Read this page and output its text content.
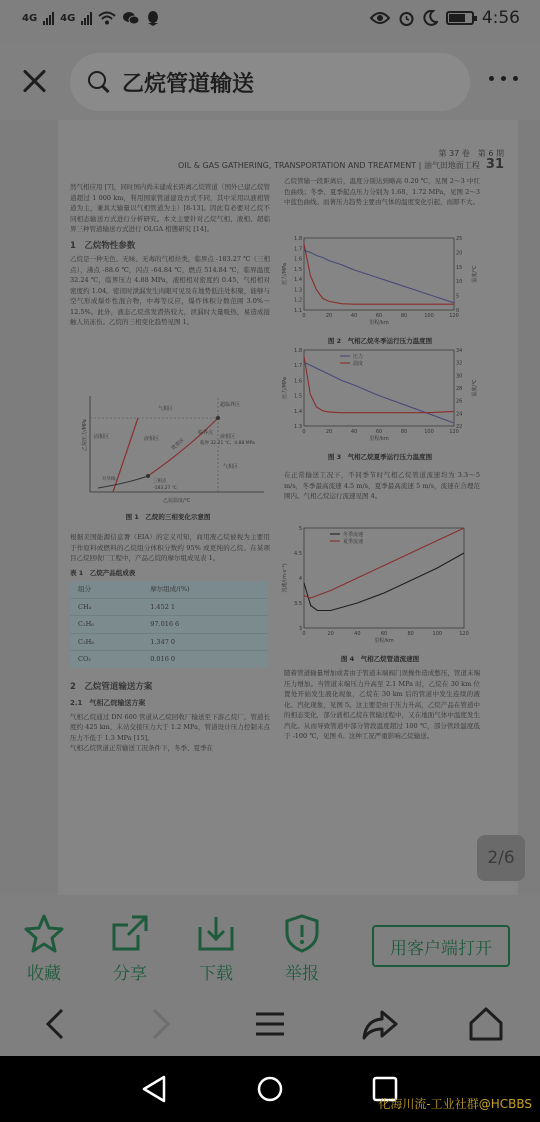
4G 4G	4:56
乙烷管道输送
第 37 卷　第 6 期
OIL & GAS GATHERING, TRANSPORTATION AND TREATMENT | 油气田地面工程 31

然气相应用 [7]，同时国内尚未建成长距离乙烷管道（国外已建乙烷管道超过 1 000 km，利用国家管道建设方式不同，其中采用以液相管道为主，兼具大输量以气相管道为主）[8-13]。因此有必要对乙烷不同相态输送方式进行分析研究。本文主要针对乙烷气相、液相、超临界三种管道输送方式进行 OLGA 相態研究 [14]。

1　乙烷物性参数

乙烷是一种无色、无味、无毒的气相烃类，临界点 -183.27 ℃（三相点），沸点 -88.6 ℃，闪点 -64.84 ℃，燃点 514.84 ℃，临界温度 32.24 ℃，临界压力 4.88 MPa，液相相对密度约 0.45，气相相对密度约 1.04。密闭时泄漏发生肉眼可见及在地势低洼处积聚，能够与空气形成爆炸性混合物，中毒等反应，爆炸体积分数范围 3.0%～12.5%。此外，液态乙烷蒸发潜热较大，泄漏时大量吸热，易造成接触人员冻伤。乙烷的三相变化趋势见图 1。

乙烷压力/MPa
乙烷温度/℃
气相区
超临界区
固相区	液相区 致密区
液相区
临界点
临界 32.21 ℃，4.88 MPa
三相点
-183.27 ℃
气相区
升华线
图 1　乙烷的三相变化示意图

根据美国能源信息署（EIA）的定义可知，商用液乙烷被视为主要用于作原料或燃料的乙烷组分体积分数约 95% 或更纯的乙烷。在某项目乙烷回收厂工程中，产品乙烷的摩尔组成见表 1。

表 1　乙烷产品组成表
组分	摩尔组成/(%)
CH₄	1.452 1
C₂H₆	97.016 6
C₃H₈	1.347 0
CO₂	0.016 0
2　乙烷管道输送方案
2.1　气相乙烷输送方案

气相乙烷通过 DN 600 管道从乙烷回收厂输送至下游乙烷厂，管道长度约 425 km，末站交接压力大于 1.2 MPa，管道设计压力控制末点压力不低于 1.3 MPa [15]。

气相乙烷管道正常输送工况条件下，冬季、夏季在

乙烷管输一段距离后，温度分别达到略高 0.20 ℃，见图 2～3 中红色曲线；冬季、夏季起点压力分别为 1.68、1.72 MPa，见图 2～3 中蓝色曲线。而著压力趋势主要由气体的温度变化引起，而即不大。

0	20	40	60	80	100	120
1.1
1.2
1.3
1.4
1.5
1.6
1.7
1.8
0
5
10
15
20
25
里程/km
压力/MPa	温度/℃
图 2　气相乙烷冬季运行压力温度图
0	20	40	60	80	100	120
1.3
1.4
1.5
1.6
1.7
1.8
22
24
26
28
30
32
34
里程/km
压力/MPa	温度/℃
压力
温度
图 3　气相乙烷夏季运行压力温度图

在正常输送工况下，不同季节时气相乙烷管道流速均为 3.3～5 m/s，冬季最高流速 4.5 m/s，夏季最高流速 5 m/s，流速在合理范围内。气相乙烷运行流速见图 4。

0	20	40	60	80	100	120
3
3.5
4
4.5
5
里程/km
流速/(m·s⁻¹)
冬季流速
夏季流速
图 4　气相乙烷管道流速图

随着管道输量增加或者由于管道末端阀门误操作造成憋压，管道末端压力增加。当管道末端压力升高至 2.1 MPa 时，乙烷在 30 km 位置处开始发生液化现象，乙烷在 30 km 后的管道中发生连续的液化、汽化现象，见图 5。这主要是由于压力升高，乙烷产品在管道中的相态变化，部分液相乙烷在管输过程中，又在地面气体中温度发生汽化。从而导致管道中部分管段温度超过 100 ℃，部分管段温度低于 -100 ℃，见图 6。这种工况严重影响乙烷输送。

2/6
收藏	分享	下载	举报
用客户端打开
化海川流-工业社群@HCBBS
